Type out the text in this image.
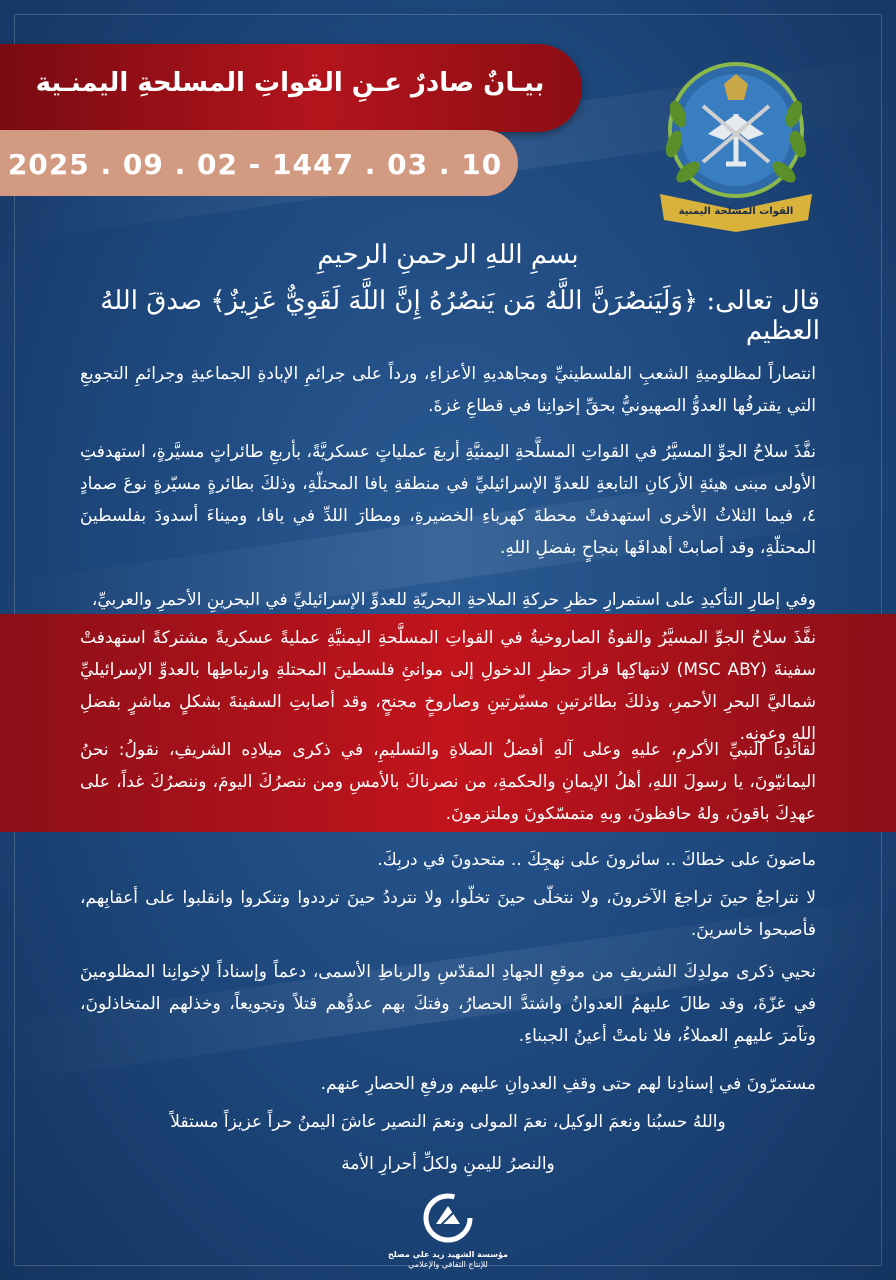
بيـانٌ صادرٌ عـنِ القواتِ المسلحةِ اليمنـية
2025 . 09 . 02 - 1447 . 03 . 10
القوات المسلحة اليمنية
بسمِ اللهِ الرحمنِ الرحيمِ
قال تعالى: ﴿وَلَيَنصُرَنَّ اللَّهُ مَن يَنصُرُهُ إِنَّ اللَّهَ لَقَوِيٌّ عَزِيزٌ﴾ صدقَ اللهُ العظيم
انتصاراً لمظلوميةِ الشعبِ الفلسطينيِّ ومجاهديهِ الأعزاءِ، ورداً على جرائمِ الإبادةِ الجماعيةِ وجرائمِ التجويعِ التي يقترفُها العدوُّ الصهيونيُّ بحقِّ إخوانِنا في قطاعِ غزةَ.
نفَّذَ سلاحُ الجوِّ المسيَّرُ في القواتِ المسلَّحةِ اليمنيَّةِ أربعَ عملياتٍ عسكريَّةً، بأربعِ طائراتٍ مسيَّرةٍ، استهدفتِ الأولى مبنى هيئةِ الأركانِ التابعةِ للعدوِّ الإسرائيليِّ في منطقةِ يافا المحتلّةِ، وذلكَ بطائرةٍ مسيّرةٍ نوعَ صمادٍ ٤، فيما الثلاثُ الأخرى استهدفتْ محطةَ كهرباءِ الخضيرةِ، ومطارَ اللدِّ في يافا، وميناءَ أسدودَ بفلسطينَ المحتلّةِ، وقد أصابتْ أهدافَها بنجاحٍ بفضلِ اللهِ.
وفي إطارِ التأكيدِ على استمرارِ حظرِ حركةِ الملاحةِ البحريّةِ للعدوِّ الإسرائيليِّ في البحرينِ الأحمرِ والعربيِّ،
نفَّذَ سلاحُ الجوِّ المسيَّرُ والقوةُ الصاروخيةُ في القواتِ المسلَّحةِ اليمنيَّةِ عمليةً عسكريةً مشتركةً استهدفتْ سفينةَ (MSC ABY) لانتهاكِها قرارَ حظرِ الدخولِ إلى موانئِ فلسطينَ المحتلةِ وارتباطِها بالعدوِّ الإسرائيليِّ شماليَّ البحرِ الأحمرِ، وذلكَ بطائرتينِ مسيّرتينِ وصاروخٍ مجنحٍ، وقد أصابتِ السفينةَ بشكلٍ مباشرٍ بفضلِ اللهِ وعونِه.
لقائدِنا النبيِّ الأكرمِ، عليهِ وعلى آلهِ أفضلُ الصلاةِ والتسليمِ، في ذكرى ميلادِه الشريفِ، نقولُ: نحنُ اليمانيّونَ، يا رسولَ اللهِ، أهلُ الإيمانِ والحكمةِ، من نصرناكَ بالأمسِ ومن ننصرُكَ اليومَ، وننصرُكَ غداً، على عهدِكَ باقونَ، ولهُ حافظونَ، وبهِ متمسّكونَ وملتزمونَ.
ماضونَ على خطاكَ .. سائرونَ على نهجِكَ .. متحدونَ في دربِكَ.
لا نتراجعُ حينَ تراجعَ الآخرونَ، ولا نتخلّى حينَ تخلّوا، ولا نترددُ حينَ ترددوا وتنكروا وانقلبوا على أعقابِهم، فأصبحوا خاسرينَ.
نحيي ذكرى مولدِكَ الشريفِ من موقعِ الجهادِ المقدّسِ والرباطِ الأسمى، دعماً وإسناداً لإخوانِنا المظلومينَ في غزّةَ، وقد طالَ عليهمُ العدوانُ واشتدَّ الحصارُ، وفتكَ بهم عدوُّهم قتلاً وتجويعاً، وخذلهم المتخاذلونَ، وتآمرَ عليهمِ العملاءُ، فلا نامتْ أعينُ الجبناءِ.
مستمرّونَ في إسنادِنا لهم حتى وقفِ العدوانِ عليهم ورفعِ الحصارِ عنهم.
واللهُ حسبُنا ونعمَ الوكيل، نعمَ المولى ونعمَ النصير عاشَ اليمنُ حراً عزيزاً مستقلاً
والنصرُ لليمنِ ولكلِّ أحرارِ الأمة
مؤسسة الشهيد زيد علي مصلح
للإنتاج الثقافي والإعلامي
